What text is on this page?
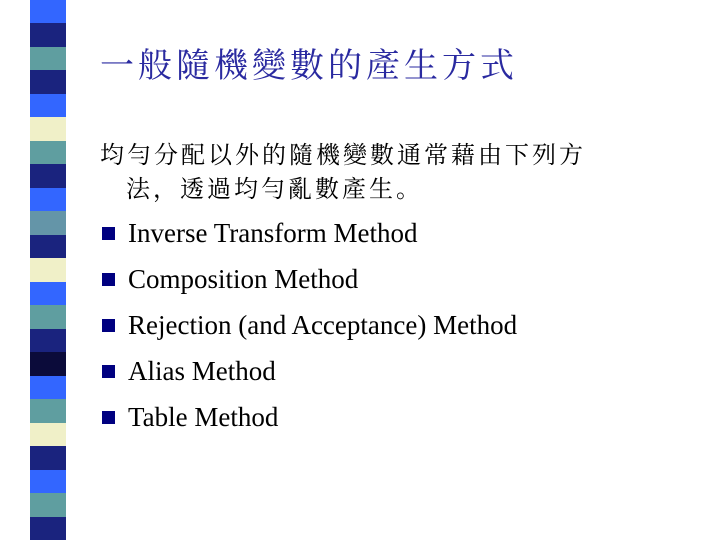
一般隨機變數的產生方式
均勻分配以外的隨機變數通常藉由下列方
法，透過均勻亂數產生。
Inverse Transform Method
Composition Method
Rejection (and Acceptance) Method
Alias Method
Table Method
